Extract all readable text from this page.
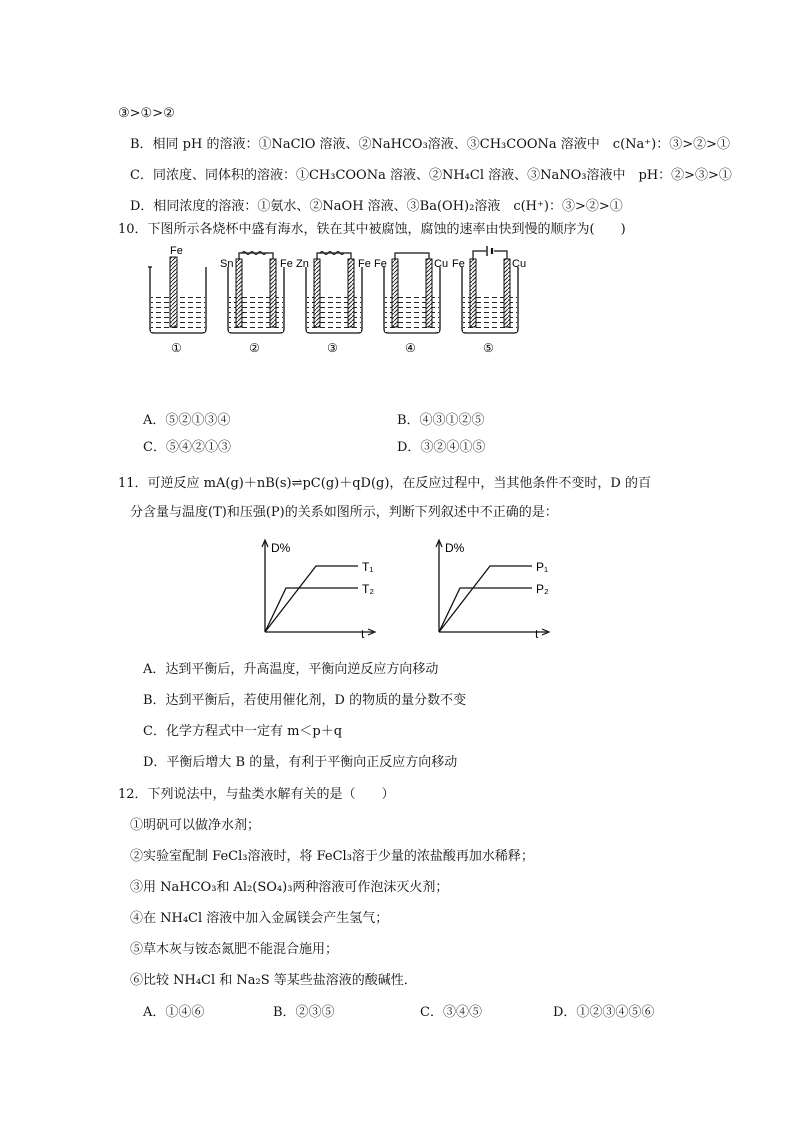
③>①>②
B．相同 pH 的溶液：①NaClO 溶液、②NaHCO₃溶液、③CH₃COONa 溶液中　c(Na⁺)：③>②>①
C．同浓度、同体积的溶液：①CH₃COONa 溶液、②NH₄Cl 溶液、③NaNO₃溶液中　pH：②>③>①
D．相同浓度的溶液：①氨水、②NaOH 溶液、③Ba(OH)₂溶液　c(H⁺)：③>②>①
10．下图所示各烧杯中盛有海水，铁在其中被腐蚀，腐蚀的速率由快到慢的顺序为(　　)
Fe
①
Sn	Fe
②
Zn	Fe
③
Fe	Cu
④
Fe	Cu
⑤
A．⑤②①③④	B．④③①②⑤
C．⑤④②①③	D．③②④①⑤
11．可逆反应 mA(g)＋nB(s)⇌pC(g)＋qD(g)，在反应过程中，当其他条件不变时，D 的百
分含量与温度(T)和压强(P)的关系如图所示，判断下列叙述中不正确的是：
D%
t
T₁
T₂
D%
t
P₁
P₂
A．达到平衡后，升高温度，平衡向逆反应方向移动
B．达到平衡后，若使用催化剂，D 的物质的量分数不变
C．化学方程式中一定有 m＜p＋q
D．平衡后增大 B 的量，有利于平衡向正反应方向移动
12．下列说法中，与盐类水解有关的是（　　）
①明矾可以做净水剂；
②实验室配制 FeCl₃溶液时，将 FeCl₃溶于少量的浓盐酸再加水稀释；
③用 NaHCO₃和 Al₂(SO₄)₃两种溶液可作泡沫灭火剂；
④在 NH₄Cl 溶液中加入金属镁会产生氢气；
⑤草木灰与铵态氮肥不能混合施用；
⑥比较 NH₄Cl 和 Na₂S 等某些盐溶液的酸碱性．
A．①④⑥	B．②③⑤	C．③④⑤	D．①②③④⑤⑥
